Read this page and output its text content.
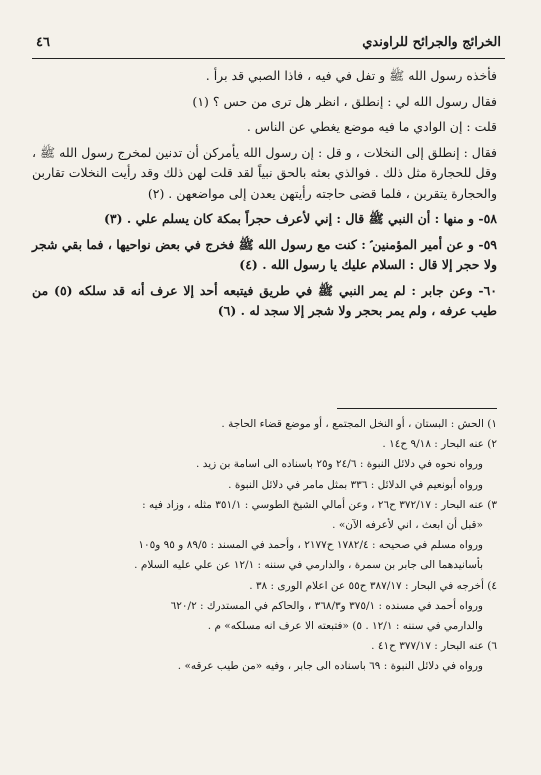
الخرائج والجرائح للراوندي
٤٦

فأخذه رسول الله ﷺ و تفل في فيه ، فاذا الصبي قد برأ .

فقال رسول الله لي : إنطلق ، انظر هل ترى من حس ؟ (١)

قلت : إن الوادي ما فيه موضع يغطي عن الناس .

فقال : إنطلق إلى النخلات ، و قل : إن رسول الله يأمركن أن تدنين لمخرج رسول الله ﷺ ، وقل للحجارة مثل ذلك . فوالذي بعثه بالحق نبياً لقد قلت لهن ذلك وقد رأيت النخلات تقاربن والحجارة يتقربن ، فلما قضى حاجته رأيتهن يعدن إلى مواضعهن . (٢)

٥٨- و منها : أن النبي ﷺ قال : إني لأعرف حجراً بمكة كان يسلم علي . (٣)

٥٩- و عن أمير المؤمنين ؑ : كنت مع رسول الله ﷺ فخرج في بعض نواحيها ، فما بقي شجر ولا حجر إلا قال : السلام عليك يا رسول الله . (٤)

٦٠- وعن جابر : لم يمر النبي ﷺ في طريق فيتبعه أحد إلا عرف أنه قد سلكه (٥) من طيب عرفه ، ولم يمر بحجر ولا شجر إلا سجد له . (٦)

١) الحش : البستان ، أو النخل المجتمع ، أو موضع قضاء الحاجة .

٢) عنه البحار : ٩/١٨ ح١٤ .

ورواه نحوه في دلائل النبوة : ٢٤/٦ و٢٥ باسناده الى اسامة بن زيد .

ورواه أبونعيم في الدلائل : ٣٣٦ بمثل مامر في دلائل النبوة .

٣) عنه البحار : ٣٧٢/١٧ ح٢٦ ، وعن أمالي الشيخ الطوسي : ٣٥١/١ مثله ، وزاد فيه :

«قبل أن ابعث ، اني لأعرفه الآن» .

ورواه مسلم في صحيحه : ١٧٨٢/٤ ح٢١٧٧ ، وأحمد في المسند : ٨٩/٥ و ٩٥ و١٠٥

بأسانيدهما الى جابر بن سمرة ، والدارمي في سننه : ١٢/١ عن علي عليه السلام .

٤) أخرجه في البحار : ٣٨٧/١٧ ح٥٥ عن اعلام الورى : ٣٨ .

ورواه أحمد في مسنده : ٣٧٥/١ و٣٦٨/٣ ، والحاكم في المستدرك : ٦٢٠/٢

والدارمي في سننه : ١٢/١ . ٥) «فتبعته الا عرف انه مسلكه» م .

٦) عنه البحار : ٣٧٧/١٧ ح٤١ .

ورواه في دلائل النبوة : ٦٩ باسناده الى جابر ، وفيه «من طيب عرقه» .
